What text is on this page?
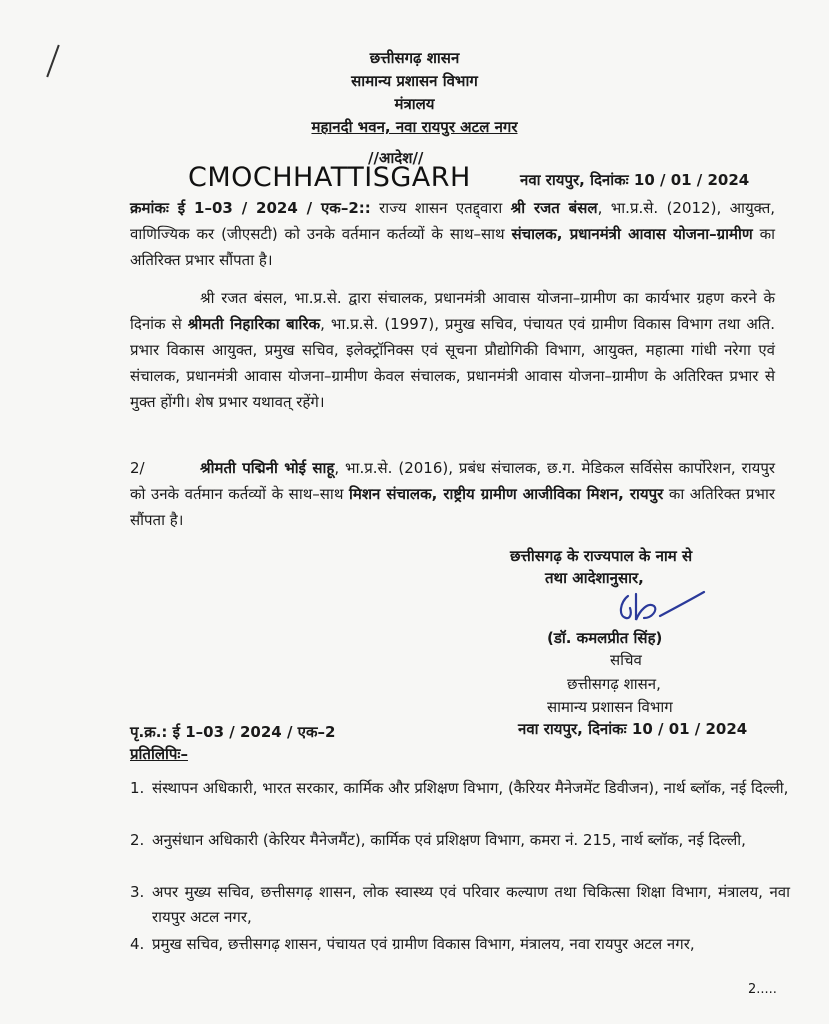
छत्तीसगढ़ शासन
सामान्य प्रशासन विभाग
मंत्रालय
महानदी भवन, नवा रायपुर अटल नगर
//आदेश//
CMOCHHATTISGARH	नवा रायपुर, दिनांकः 10 / 01 / 2024
क्रमांकः ई 1–03 / 2024 / एक–2:: राज्य शासन एतद्द्वारा श्री रजत बंसल, भा.प्र.से. (2012), आयुक्त, वाणिज्यिक कर (जीएसटी) को उनके वर्तमान कर्तव्यों के साथ–साथ संचालक, प्रधानमंत्री आवास योजना–ग्रामीण का अतिरिक्त प्रभार सौंपता है।
श्री रजत बंसल, भा.प्र.से. द्वारा संचालक, प्रधानमंत्री आवास योजना–ग्रामीण का कार्यभार ग्रहण करने के दिनांक से श्रीमती निहारिका बारिक, भा.प्र.से. (1997), प्रमुख सचिव, पंचायत एवं ग्रामीण विकास विभाग तथा अति. प्रभार विकास आयुक्त, प्रमुख सचिव, इलेक्ट्रॉनिक्स एवं सूचना प्रौद्योगिकी विभाग, आयुक्त, महात्मा गांधी नरेगा एवं संचालक, प्रधानमंत्री आवास योजना–ग्रामीण केवल संचालक, प्रधानमंत्री आवास योजना–ग्रामीण के अतिरिक्त प्रभार से मुक्त होंगी। शेष प्रभार यथावत् रहेंगे।
2/	श्रीमती पद्मिनी भोई साहू, भा.प्र.से. (2016), प्रबंध संचालक, छ.ग. मेडिकल सर्विसेस कार्पोरेशन, रायपुर को उनके वर्तमान कर्तव्यों के साथ–साथ मिशन संचालक, राष्ट्रीय ग्रामीण आजीविका मिशन, रायपुर का अतिरिक्त प्रभार सौंपता है।
छत्तीसगढ़ के राज्यपाल के नाम से
तथा आदेशानुसार,
(डॉ. कमलप्रीत सिंह)
सचिव
छत्तीसगढ़ शासन,
सामान्य प्रशासन विभाग
नवा रायपुर, दिनांकः 10 / 01 / 2024
पृ.क्र.: ई 1–03 / 2024 / एक–2
प्रतिलिपिः–
1. संस्थापन अधिकारी, भारत सरकार, कार्मिक और प्रशिक्षण विभाग, (कैरियर मैनेजमेंट डिवीजन), नार्थ ब्लॉक, नई दिल्ली,
2. अनुसंधान अधिकारी (केरियर मैनेजमैंट), कार्मिक एवं प्रशिक्षण विभाग, कमरा नं. 215, नार्थ ब्लॉक, नई दिल्ली,
3. अपर मुख्य सचिव, छत्तीसगढ़ शासन, लोक स्वास्थ्य एवं परिवार कल्याण तथा चिकित्सा शिक्षा विभाग, मंत्रालय, नवा रायपुर अटल नगर,
4. प्रमुख सचिव, छत्तीसगढ़ शासन, पंचायत एवं ग्रामीण विकास विभाग, मंत्रालय, नवा रायपुर अटल नगर,
2.....
